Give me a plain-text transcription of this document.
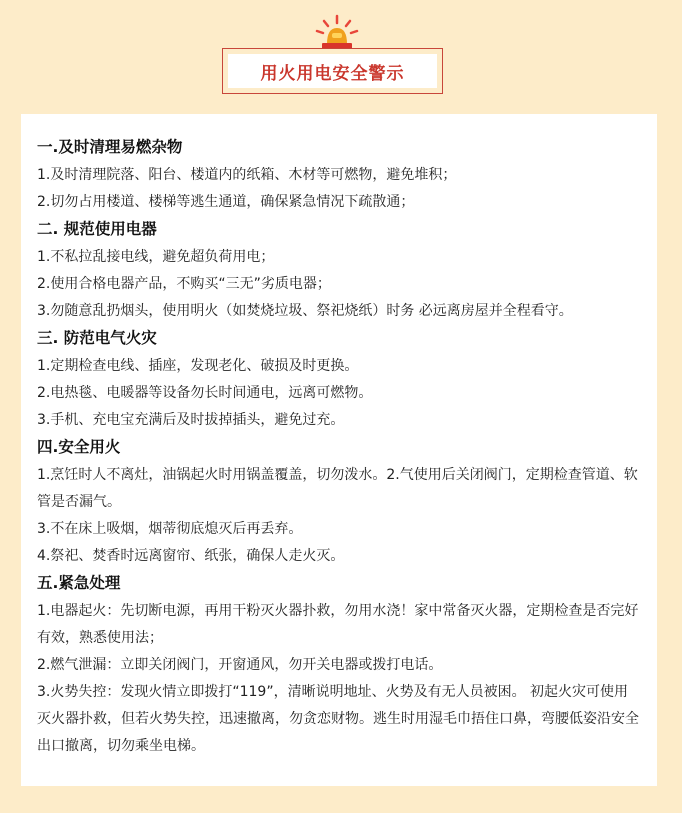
用火用电安全警示
一.及时清理易燃杂物

1.及时清理院落、阳台、楼道内的纸箱、木材等可燃物，避免堆积；

2.切勿占用楼道、楼梯等逃生通道，确保紧急情况下疏散通；

二. 规范使用电器

1.不私拉乱接电线，避免超负荷用电；

2.使用合格电器产品，不购买“三无”劣质电器；

3.勿随意乱扔烟头，使用明火（如焚烧垃圾、祭祀烧纸）时务 必远离房屋并全程看守。

三. 防范电气火灾

1.定期检查电线、插座，发现老化、破损及时更换。

2.电热毯、电暖器等设备勿长时间通电，远离可燃物。

3.手机、充电宝充满后及时拔掉插头，避免过充。

四.安全用火

1.烹饪时人不离灶，油锅起火时用锅盖覆盖，切勿泼水。2.气使用后关闭阀门，定期检查管道、软管是否漏气。

3.不在床上吸烟，烟蒂彻底熄灭后再丢弃。

4.祭祀、焚香时远离窗帘、纸张，确保人走火灭。

五.紧急处理

1.电器起火：先切断电源，再用干粉灭火器扑救，勿用水浇！家中常备灭火器，定期检查是否完好有效，熟悉使用法；

2.燃气泄漏：立即关闭阀门，开窗通风，勿开关电器或拨打电话。

3.火势失控：发现火情立即拨打“119”，清晰说明地址、火势及有无人员被困。 初起火灾可使用灭火器扑救，但若火势失控，迅速撤离，勿贪恋财物。逃生时用湿毛巾捂住口鼻，弯腰低姿沿安全出口撤离，切勿乘坐电梯。
